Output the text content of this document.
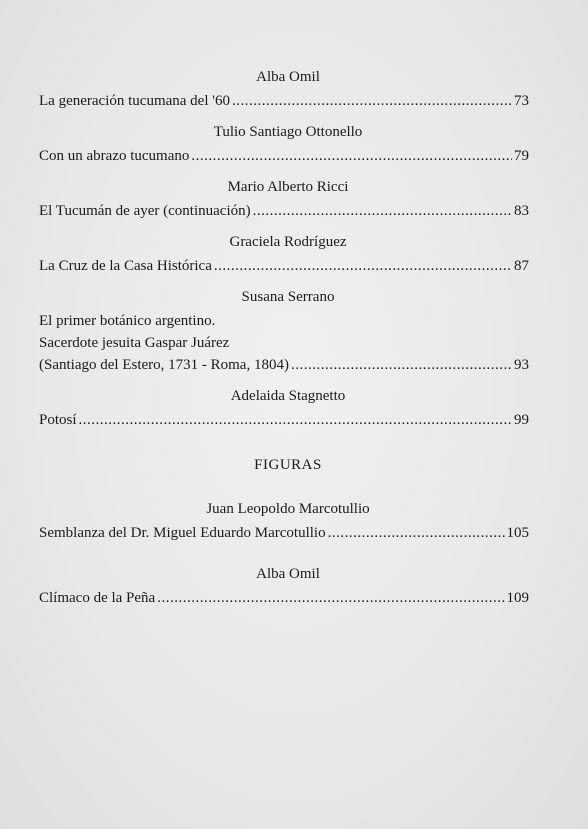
Alba Omil
La generación tucumana del '60 .....	73
Tulio Santiago Ottonello
Con un abrazo tucumano .....	79
Mario Alberto Ricci
El Tucumán de ayer (continuación) .....	83
Graciela Rodríguez
La Cruz de la Casa Histórica .....	87
Susana Serrano
El primer botánico argentino.
Sacerdote jesuita Gaspar Juárez
(Santiago del Estero, 1731 - Roma, 1804) .....	93
Adelaida Stagnetto
Potosí .....	99
FIGURAS
Juan Leopoldo Marcotullio
Semblanza del Dr. Miguel Eduardo Marcotullio .....	105
Alba Omil
Clímaco de la Peña .....	109
